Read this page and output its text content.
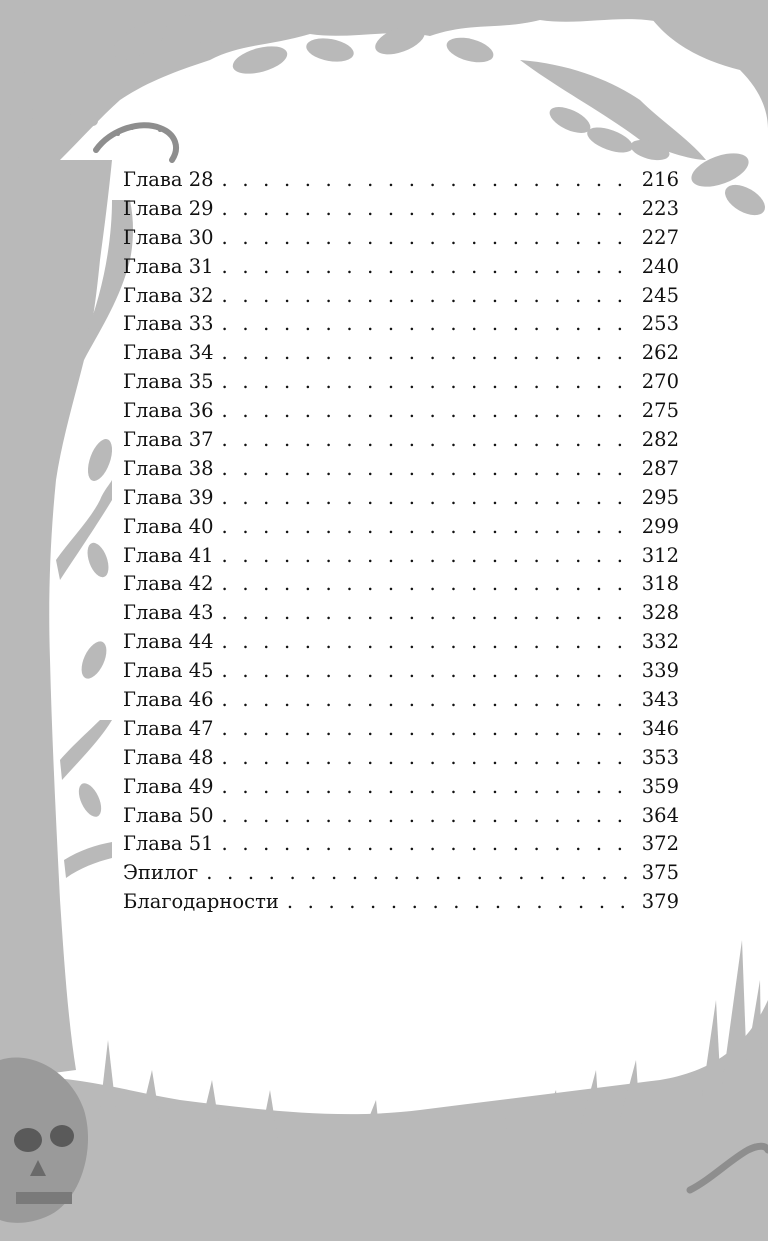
Глава 28 . . .	216
Глава 29 . . .	223
Глава 30 . . .	227
Глава 31 . . .	240
Глава 32 . . .	245
Глава 33 . . .	253
Глава 34 . . .	262
Глава 35 . . .	270
Глава 36 . . .	275
Глава 37 . . .	282
Глава 38 . . .	287
Глава 39 . . .	295
Глава 40 . . .	299
Глава 41 . . .	312
Глава 42 . . .	318
Глава 43 . . .	328
Глава 44 . . .	332
Глава 45 . . .	339
Глава 46 . . .	343
Глава 47 . . .	346
Глава 48 . . .	353
Глава 49 . . .	359
Глава 50 . . .	364
Глава 51 . . .	372
Эпилог . . .	375
Благодарности . . .	379
